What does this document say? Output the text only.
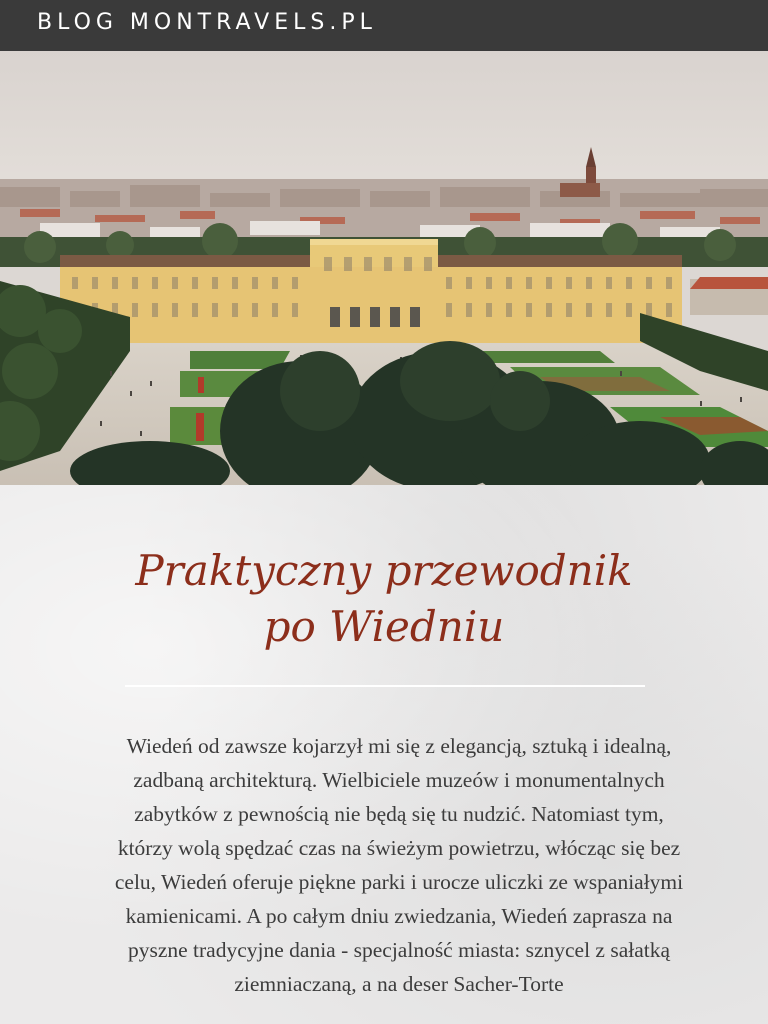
BLOG MONTRAVELS.PL
Praktyczny przewodnik
po Wiedniu

Wiedeń od zawsze kojarzył mi się z elegancją, sztuką i idealną,
zadbaną architekturą. Wielbiciele muzeów i monumentalnych
zabytków z pewnością nie będą się tu nudzić. Natomiast tym,
którzy wolą spędzać czas na świeżym powietrzu, włócząc się bez
celu, Wiedeń oferuje piękne parki i urocze uliczki ze wspaniałymi
kamienicami. A po całym dniu zwiedzania, Wiedeń zaprasza na
pyszne tradycyjne dania - specjalność miasta: sznycel z sałatką
ziemniaczaną, a na deser Sacher-Torte
